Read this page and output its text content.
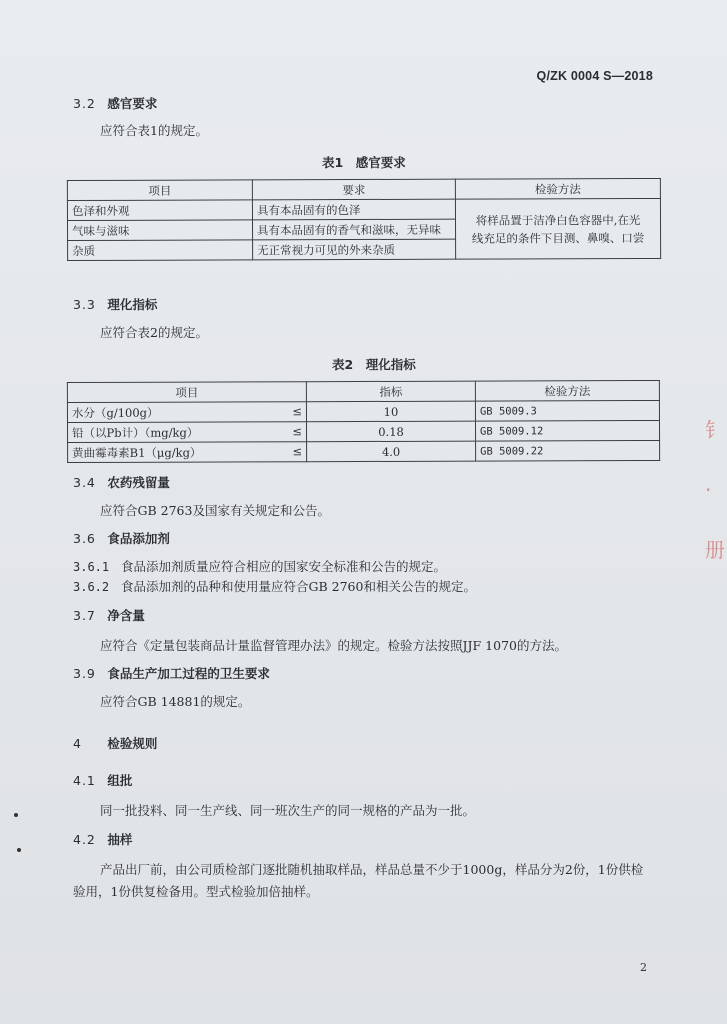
Q/ZK 0004 S—2018
3.2 感官要求
应符合表1的规定。
表1　感官要求
项目	要求	检验方法
色泽和外观	具有本品固有的色泽	将样品置于洁净白色容器中,在光
线充足的条件下目测、鼻嗅、口尝

气味与滋味	具有本品固有的香气和滋味，无异味	
杂质	无正常视力可见的外来杂质	
3.3 理化指标
应符合表2的规定。
表2　理化指标
项目	指标	检验方法
水分（g/100g） ≤	10	GB 5009.3
铅（以Pb计）（mg/kg） ≤	0.18	GB 5009.12
黄曲霉毒素B1（μg/kg） ≤	4.0	GB 5009.22
3.4 农药残留量
应符合GB 2763及国家有关规定和公告。
3.6 食品添加剂
3.6.1 食品添加剂质量应符合相应的国家安全标准和公告的规定。
3.6.2 食品添加剂的品种和使用量应符合GB 2760和相关公告的规定。
3.7 净含量
应符合《定量包装商品计量监督管理办法》的规定。检验方法按照JJF 1070的方法。
3.9 食品生产加工过程的卫生要求
应符合GB 14881的规定。
4 检验规则
4.1 组批
同一批投料、同一生产线、同一班次生产的同一规格的产品为一批。
4.2 抽样
产品出厂前，由公司质检部门逐批随机抽取样品，样品总量不少于1000g，样品分为2份，1份供检
验用，1份供复检备用。型式检验加倍抽样。
2
钅
·
册
